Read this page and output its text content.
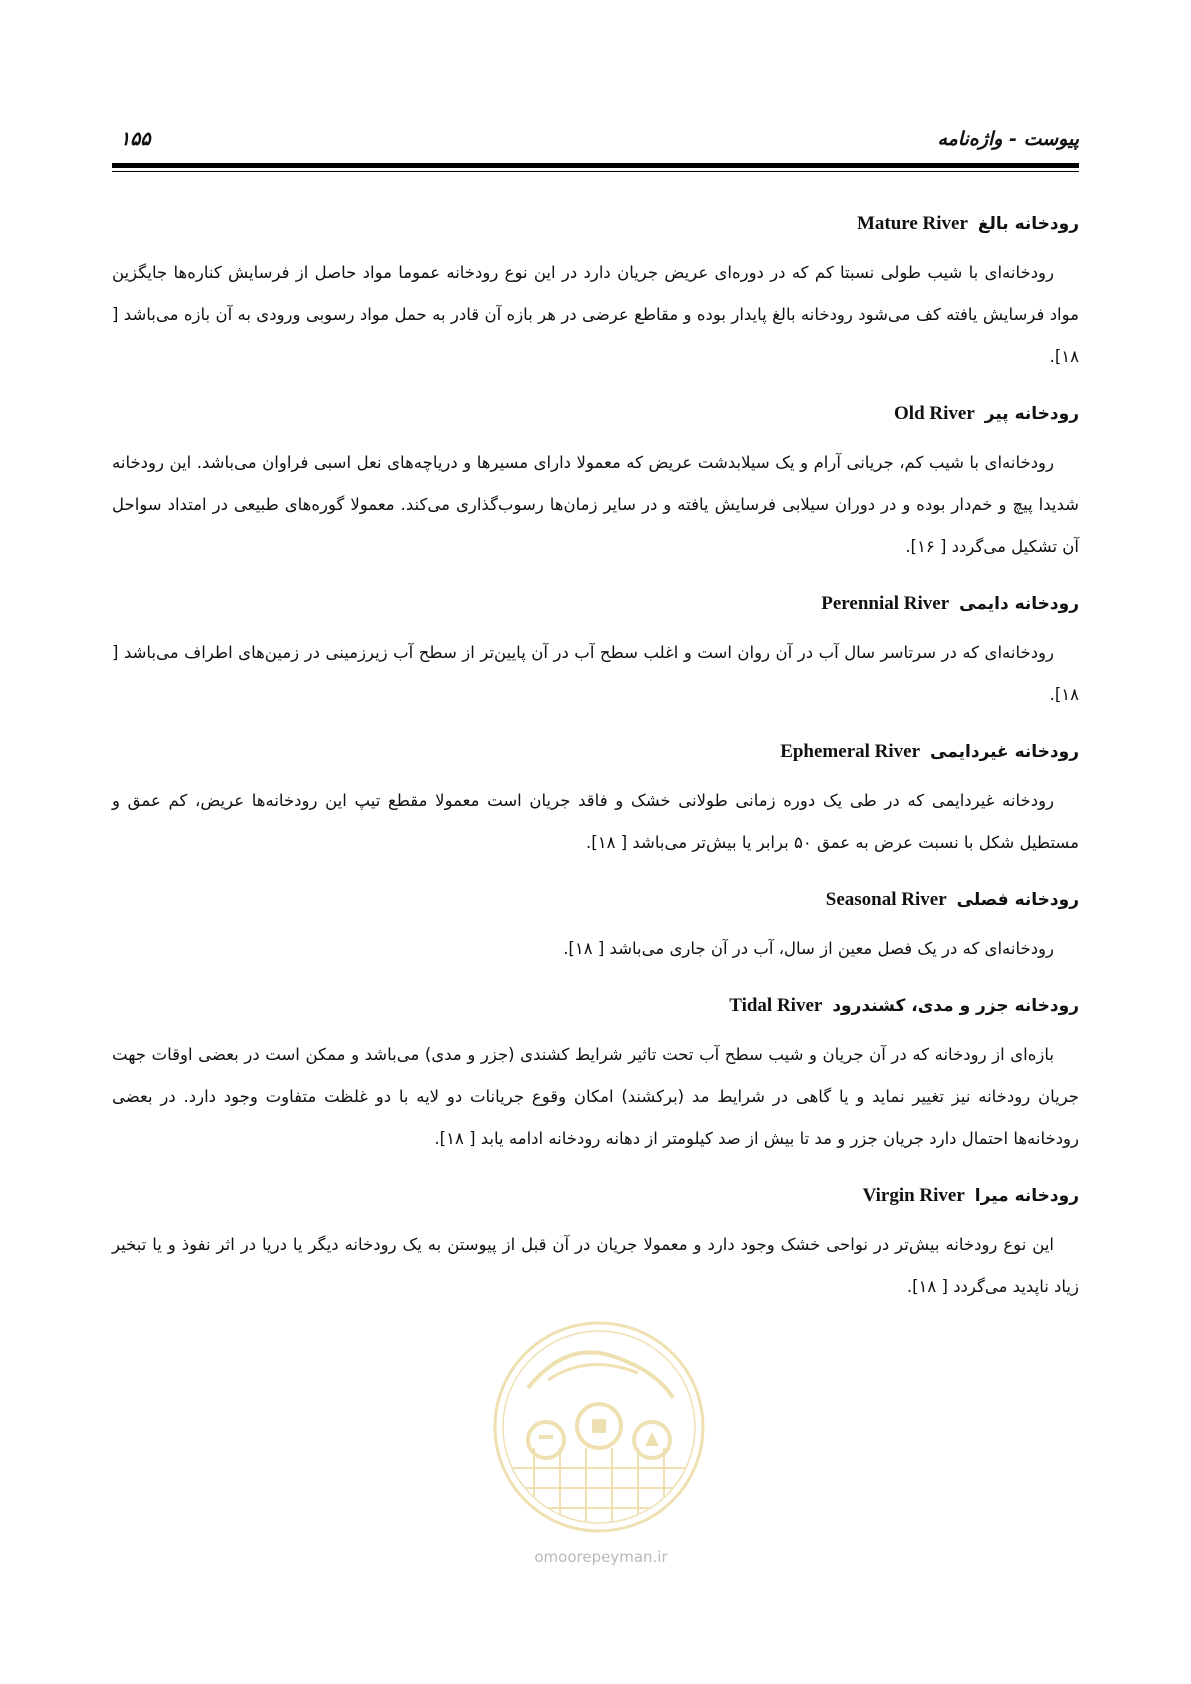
پیوست - واژه‌نامه
۱۵۵
رودخانه بالغMature River

رودخانه‌ای با شیب طولی نسبتا کم که در دوره‌ای عریض جریان دارد در این نوع رودخانه عموما مواد حاصل از فرسایش کناره‌ها جایگزین مواد فرسایش یافته کف می‌شود رودخانه بالغ پایدار بوده و مقاطع عرضی در هر بازه آن قادر به حمل مواد رسوبی ورودی به آن بازه می‌باشد [ ۱۸].

رودخانه پیرOld River

رودخانه‌ای با شیب کم، جریانی آرام و یک سیلابدشت عریض که معمولا دارای مسیرها و دریاچه‌های نعل اسبی فراوان می‌باشد. این رودخانه شدیدا پیچ و خم‌دار بوده و در دوران سیلابی فرسایش یافته و در سایر زمان‌ها رسوب‌گذاری می‌کند. معمولا گوره‌های طبیعی در امتداد سواحل آن تشکیل می‌گردد [ ۱۶].

رودخانه دایمیPerennial River

رودخانه‌ای که در سرتاسر سال آب در آن روان است و اغلب سطح آب در آن پایین‌تر از سطح آب زیرزمینی در زمین‌های اطراف می‌باشد [ ۱۸].

رودخانه غیردایمیEphemeral River

رودخانه غیردایمی که در طی یک دوره زمانی طولانی خشک و فاقد جریان است معمولا مقطع تیپ این رودخانه‌ها عریض، کم عمق و مستطیل شکل با نسبت عرض به عمق ۵۰ برابر یا بیش‌تر می‌باشد [ ۱۸].

رودخانه فصلیSeasonal River

رودخانه‌ای که در یک فصل معین از سال، آب در آن جاری می‌باشد [ ۱۸].

رودخانه جزر و مدی، کشندرودTidal River

بازه‌ای از رودخانه که در آن جریان و شیب سطح آب تحت تاثیر شرایط کشندی (جزر و مدی) می‌باشد و ممکن است در بعضی اوقات جهت جریان رودخانه نیز تغییر نماید و یا گاهی در شرایط مد (برکشند) امکان وقوع جریانات دو لایه با دو غلظت متفاوت وجود دارد. در بعضی رودخانه‌ها احتمال دارد جریان جزر و مد تا بیش از صد کیلومتر از دهانه رودخانه ادامه یابد [ ۱۸].

رودخانه میراVirgin River

این نوع رودخانه بیش‌تر در نواحی خشک وجود دارد و معمولا جریان در آن قبل از پیوستن به یک رودخانه دیگر یا دریا در اثر نفوذ و یا تبخیر زیاد ناپدید می‌گردد [ ۱۸].

omoorepeyman.ir
